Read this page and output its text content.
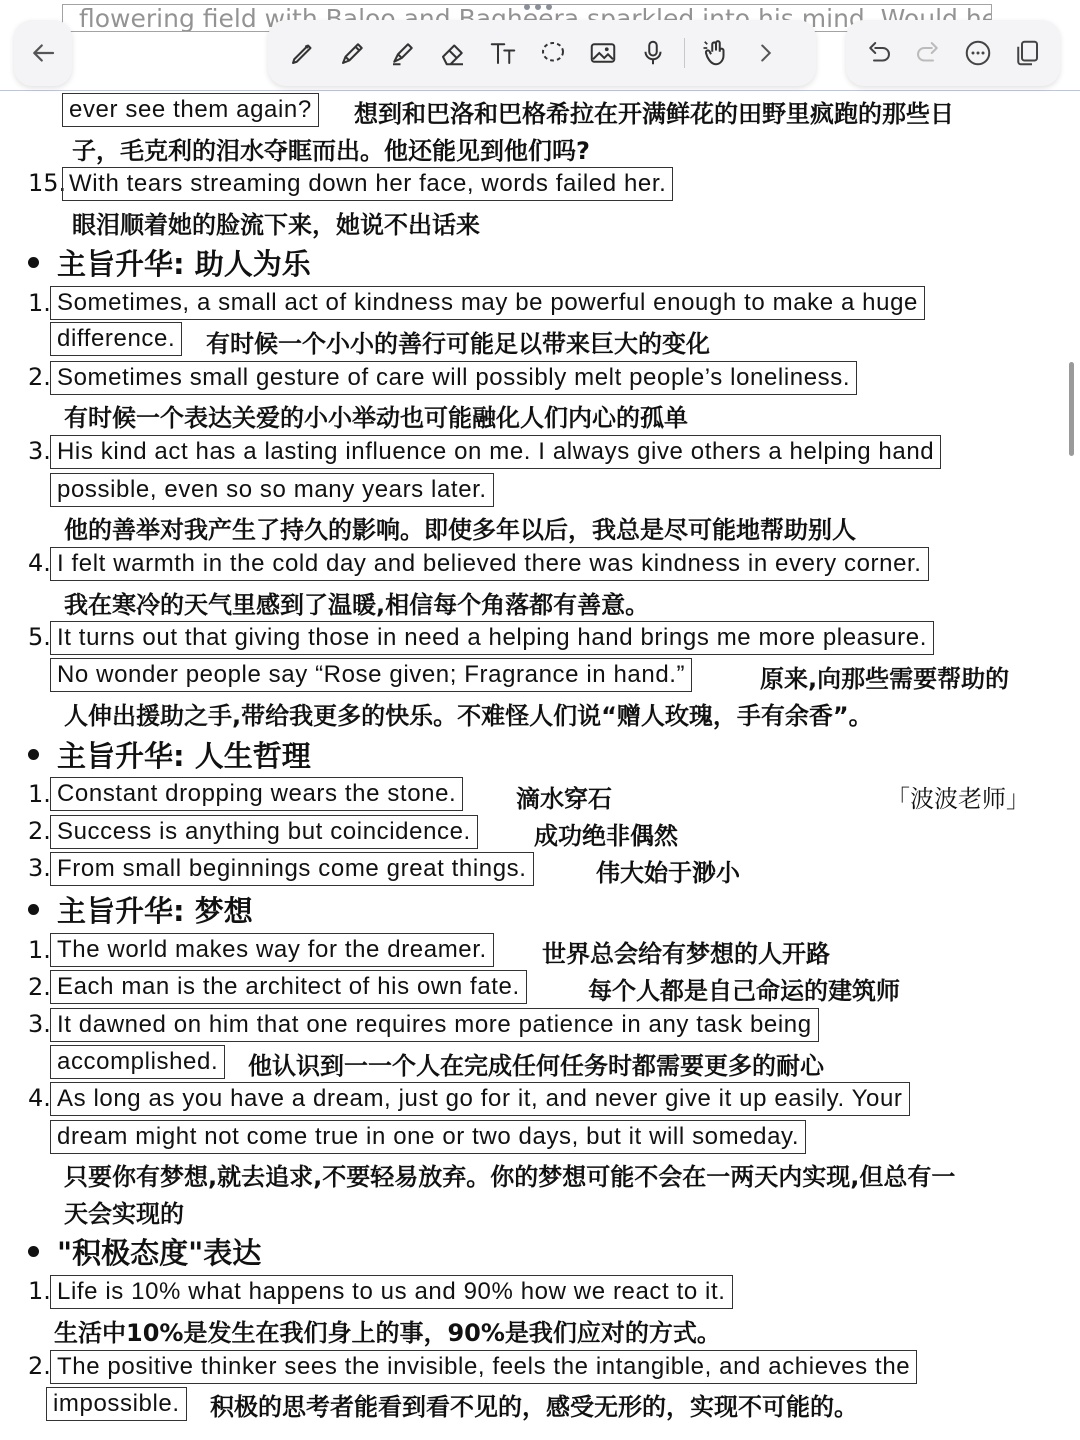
ever see them again? 想到和巴洛和巴格希拉在开满鲜花的田野里疯跑的那些日
子，毛克利的泪水夺眶而出。他还能见到他们吗?
15. With tears streaming down her face, words failed her.
眼泪顺着她的脸流下来，她说不出话来
主旨升华: 助人为乐
1. Sometimes, a small act of kindness may be powerful enough to make a huge
difference. 有时候一个小小的善行可能足以带来巨大的变化
2. Sometimes small gesture of care will possibly melt people’s loneliness.
有时候一个表达关爱的小小举动也可能融化人们内心的孤单
3. His kind act has a lasting influence on me. I always give others a helping hand
possible, even so so many years later.
他的善举对我产生了持久的影响。即使多年以后，我总是尽可能地帮助别人
4. I felt warmth in the cold day and believed there was kindness in every corner.
我在寒冷的天气里感到了温暖,相信每个角落都有善意。
5. It turns out that giving those in need a helping hand brings me more pleasure.
No wonder people say “Rose given; Fragrance in hand.”	原来,向那些需要帮助的
人伸出援助之手,带给我更多的快乐。不难怪人们说“赠人玫瑰，手有余香”。
主旨升华: 人生哲理
1. Constant dropping wears the stone. 滴水穿石	「波波老师」
2. Success is anything but coincidence.	成功绝非偶然
3. From small beginnings come great things.	伟大始于渺小
主旨升华: 梦想
1. The world makes way for the dreamer. 世界总会给有梦想的人开路
2. Each man is the architect of his own fate.	每个人都是自己命运的建筑师
3. It dawned on him that one requires more patience in any task being
accomplished. 他认识到一一个人在完成任何任务时都需要更多的耐心
4. As long as you have a dream, just go for it, and never give it up easily. Your
dream might not come true in one or two days, but it will someday.
只要你有梦想,就去追求,不要轻易放弃。你的梦想可能不会在一两天内实现,但总有一
天会实现的
"积极态度"表达
1. Life is 10% what happens to us and 90% how we react to it.
生活中10%是发生在我们身上的事，90%是我们应对的方式。
2. The positive thinker sees the invisible, feels the intangible, and achieves the
impossible. 积极的思考者能看到看不见的，感受无形的，实现不可能的。
